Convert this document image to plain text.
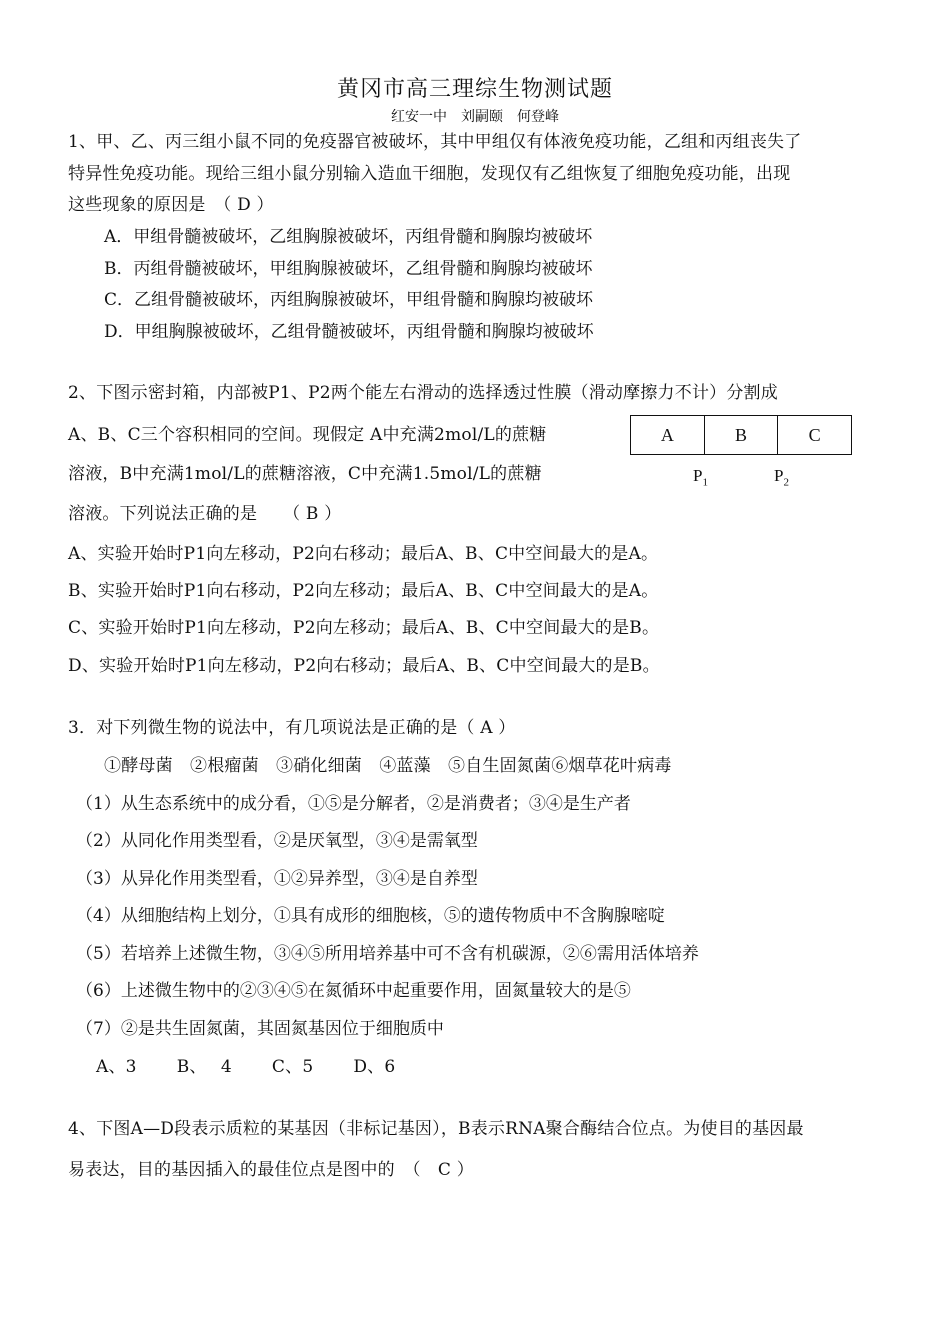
黄冈市高三理综生物测试题
红安一中　刘嗣颐　何登峰
1、甲、乙、丙三组小鼠不同的免疫器官被破坏，其中甲组仅有体液免疫功能，乙组和丙组丧失了
特异性免疫功能。现给三组小鼠分别输入造血干细胞，发现仅有乙组恢复了细胞免疫功能，出现
这些现象的原因是　（ D ）
A．甲组骨髓被破坏，乙组胸腺被破坏，丙组骨髓和胸腺均被破坏
B．丙组骨髓被破坏，甲组胸腺被破坏，乙组骨髓和胸腺均被破坏
C．乙组骨髓被破坏，丙组胸腺被破坏，甲组骨髓和胸腺均被破坏
D．甲组胸腺被破坏，乙组骨髓被破坏，丙组骨髓和胸腺均被破坏
2、下图示密封箱，内部被P1、P2两个能左右滑动的选择透过性膜（滑动摩擦力不计）分割成
A、B、C三个容积相同的空间。现假定 A中充满2mol/L的蔗糖
溶液，B中充满1mol/L的蔗糖溶液，C中充满1.5mol/L的蔗糖
溶液。下列说法正确的是　　（ B ）
A	B	C
$P_1$	$P_2$
A、实验开始时P1向左移动，P2向右移动；最后A、B、C中空间最大的是A。
B、实验开始时P1向右移动，P2向左移动；最后A、B、C中空间最大的是A。
C、实验开始时P1向左移动，P2向左移动；最后A、B、C中空间最大的是B。
D、实验开始时P1向左移动，P2向右移动；最后A、B、C中空间最大的是B。
3．对下列微生物的说法中，有几项说法是正确的是（ A ）
①酵母菌　②根瘤菌　③硝化细菌　④蓝藻　⑤自生固氮菌⑥烟草花叶病毒
（1）从生态系统中的成分看，①⑤是分解者，②是消费者；③④是生产者
（2）从同化作用类型看，②是厌氧型，③④是需氧型
（3）从异化作用类型看，①②异养型，③④是自养型
（4）从细胞结构上划分，①具有成形的细胞核，⑤的遗传物质中不含胸腺嘧啶
（5）若培养上述微生物，③④⑤所用培养基中可不含有机碳源，②⑥需用活体培养
（6）上述微生物中的②③④⑤在氮循环中起重要作用，固氮量较大的是⑤
（7）②是共生固氮菌，其固氮基因位于细胞质中
A、3　　 B、　 4　　 C、5　　 D、6
4、下图A—D段表示质粒的某基因（非标记基因），B表示RNA聚合酶结合位点。为使目的基因最
易表达，目的基因插入的最佳位点是图中的　（　C ）
